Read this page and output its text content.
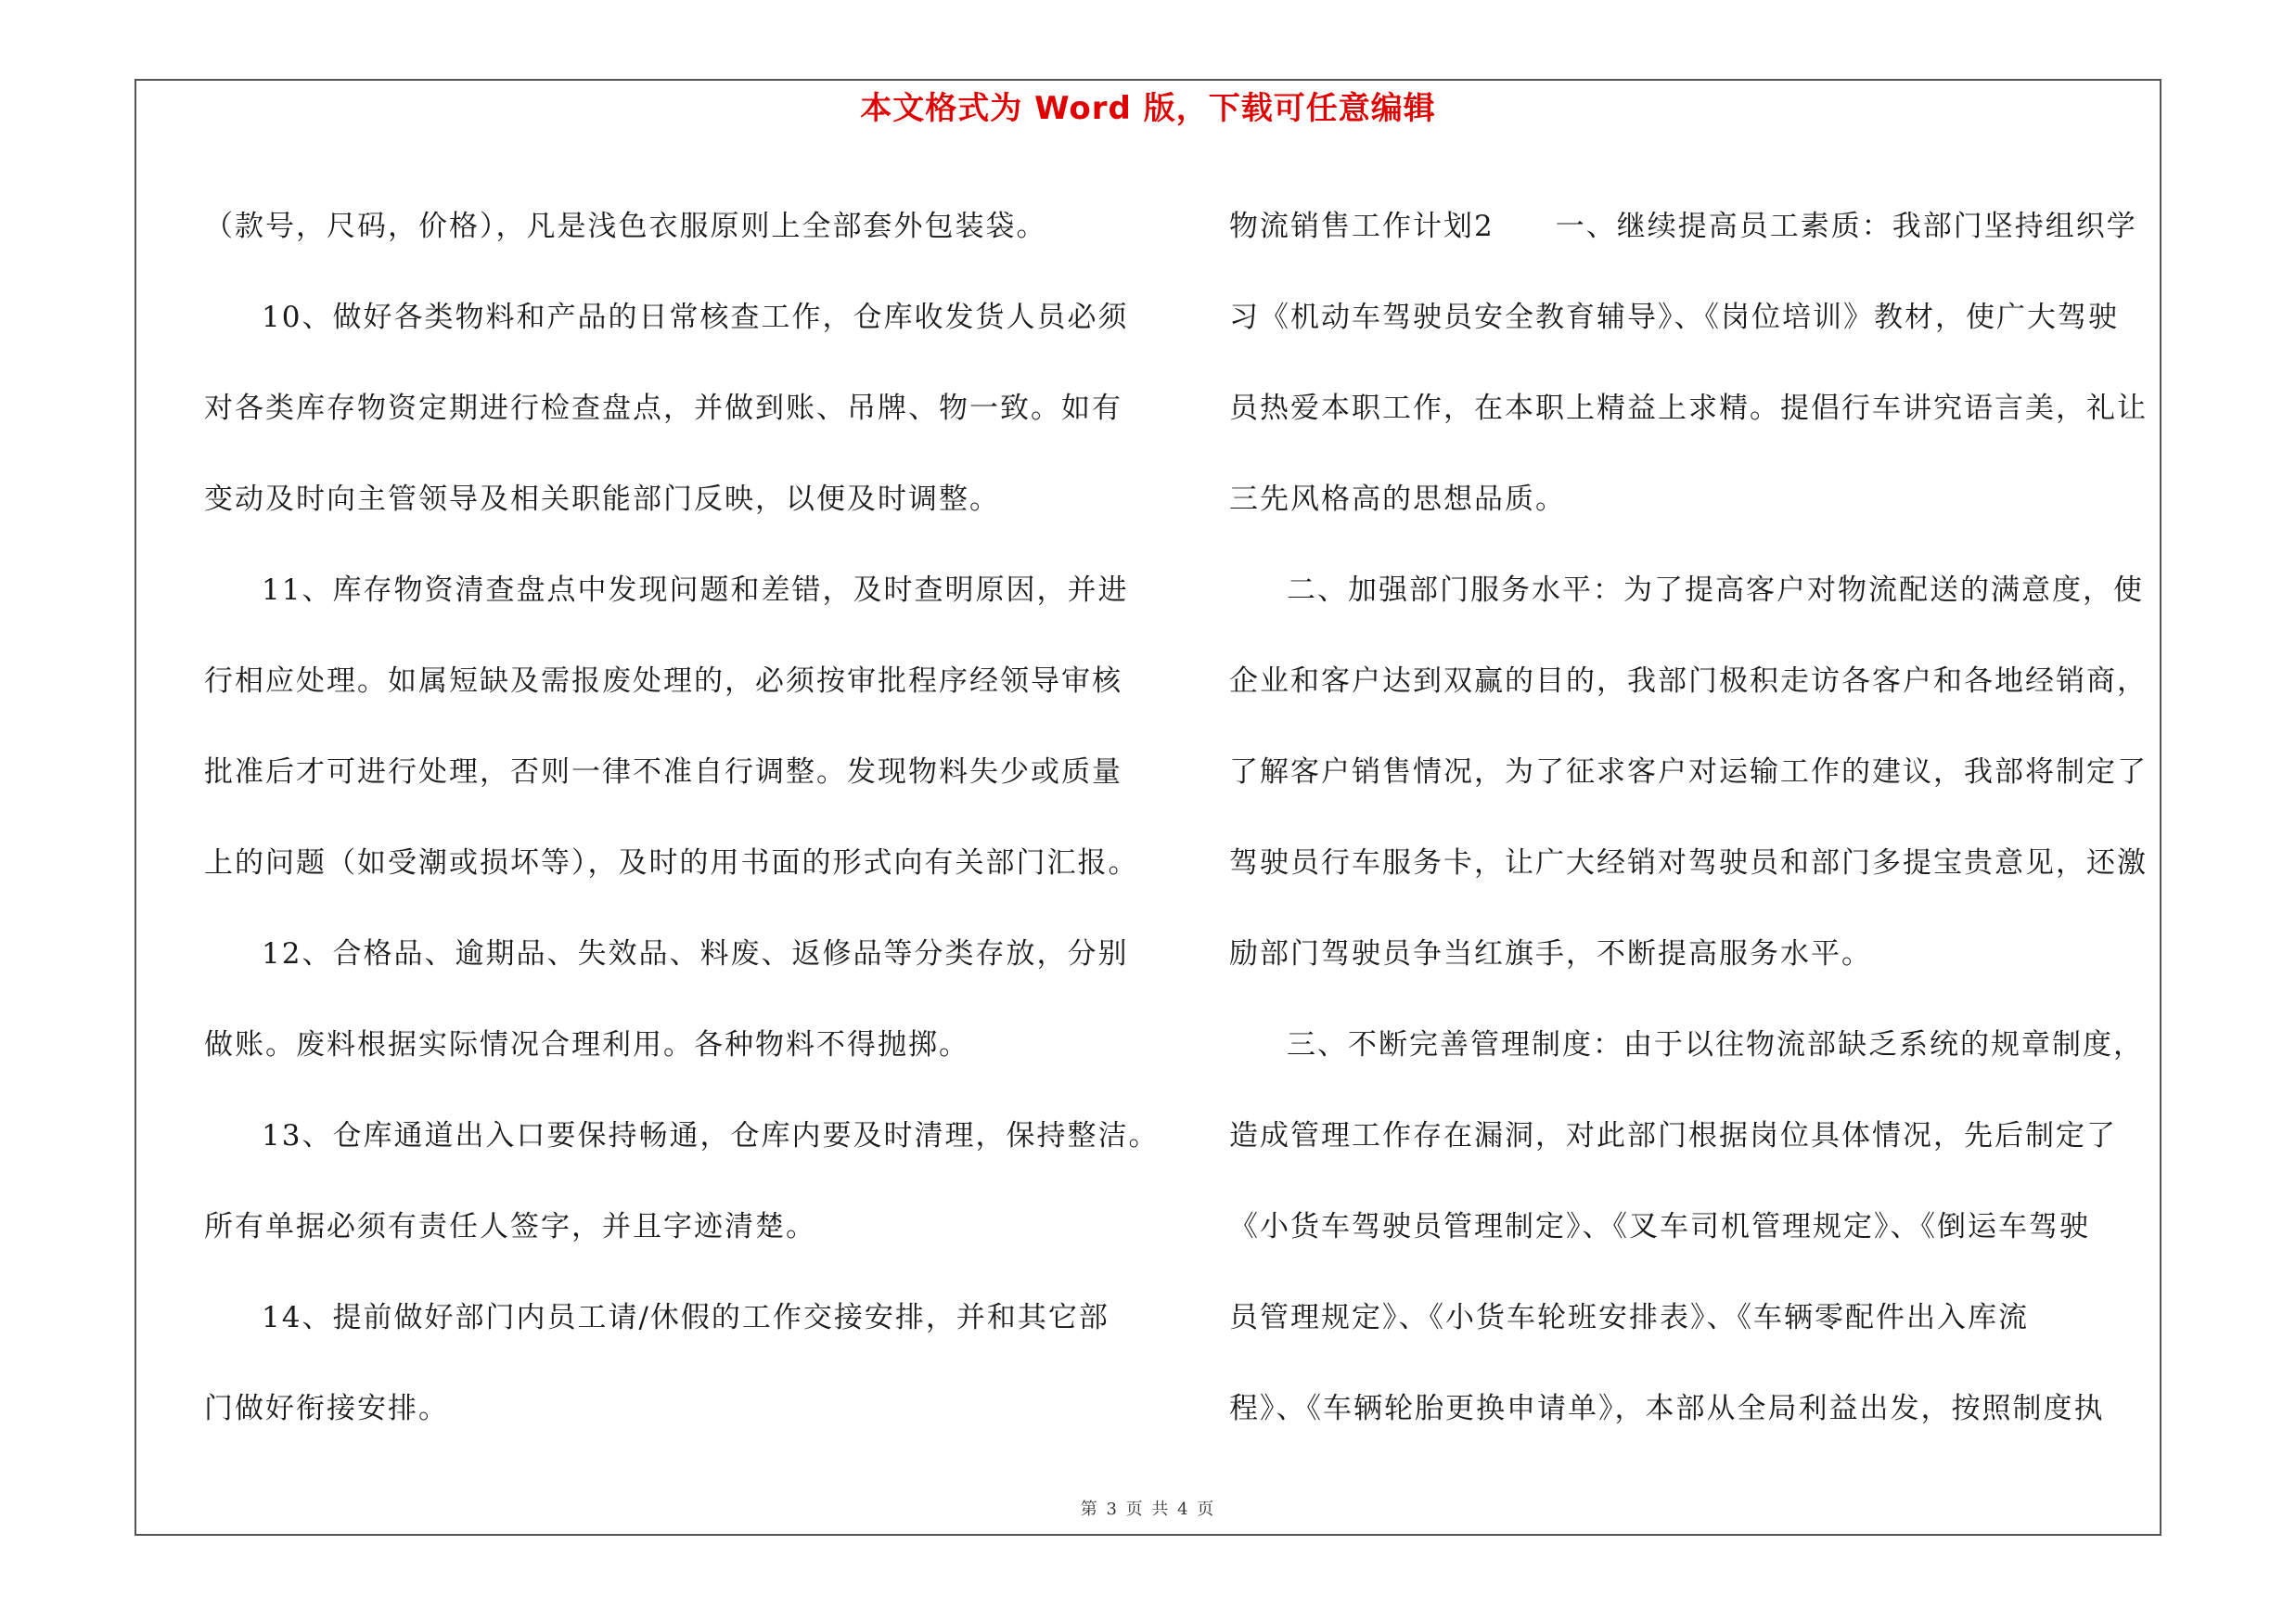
本文格式为 Word 版，下载可任意编辑
（款号，尺码，价格），凡是浅色衣服原则上全部套外包装袋。
10、做好各类物料和产品的日常核查工作，仓库收发货人员必须
对各类库存物资定期进行检查盘点，并做到账、吊牌、物一致。如有
变动及时向主管领导及相关职能部门反映，以便及时调整。
11、库存物资清查盘点中发现问题和差错，及时查明原因，并进
行相应处理。如属短缺及需报废处理的，必须按审批程序经领导审核
批准后才可进行处理，否则一律不准自行调整。发现物料失少或质量
上的问题（如受潮或损坏等），及时的用书面的形式向有关部门汇报。
12、合格品、逾期品、失效品、料废、返修品等分类存放，分别
做账。废料根据实际情况合理利用。各种物料不得抛掷。
13、仓库通道出入口要保持畅通，仓库内要及时清理，保持整洁。
所有单据必须有责任人签字，并且字迹清楚。
14、提前做好部门内员工请/休假的工作交接安排，并和其它部
门做好衔接安排。
物流销售工作计划2　　一、继续提高员工素质：我部门坚持组织学
习《机动车驾驶员安全教育辅导》、《岗位培训》教材，使广大驾驶
员热爱本职工作，在本职上精益上求精。提倡行车讲究语言美，礼让
三先风格高的思想品质。
二、加强部门服务水平：为了提高客户对物流配送的满意度，使
企业和客户达到双赢的目的，我部门极积走访各客户和各地经销商，
了解客户销售情况，为了征求客户对运输工作的建议，我部将制定了
驾驶员行车服务卡，让广大经销对驾驶员和部门多提宝贵意见，还激
励部门驾驶员争当红旗手，不断提高服务水平。
三、不断完善管理制度：由于以往物流部缺乏系统的规章制度，
造成管理工作存在漏洞，对此部门根据岗位具体情况，先后制定了
《小货车驾驶员管理制定》、《叉车司机管理规定》、《倒运车驾驶
员管理规定》、《小货车轮班安排表》、《车辆零配件出入库流
程》、《车辆轮胎更换申请单》，本部从全局利益出发，按照制度执
第 3 页 共 4 页
